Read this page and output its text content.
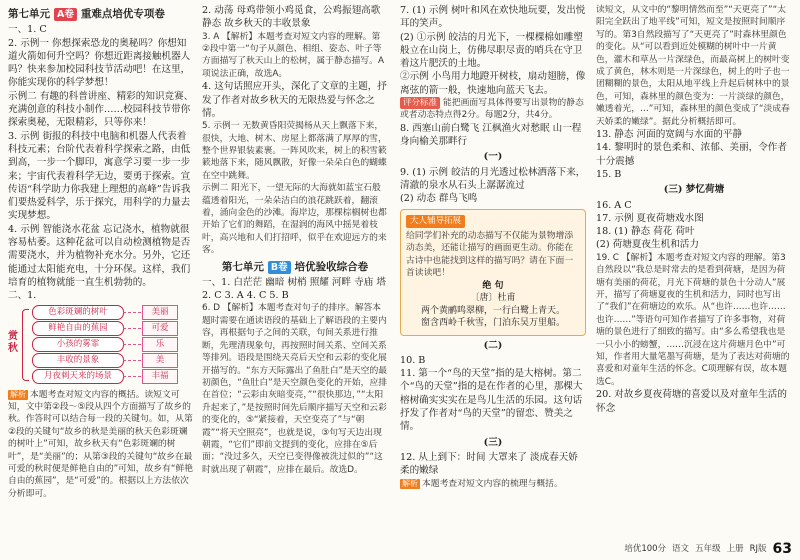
第七单元 A卷 重难点培优专项卷

一、1. C

2. 示例一 你想探索恐龙的奥秘吗？你想知道火箭如何升空吗？你想近距离接触机器人吗？快来参加校园科技节活动吧！在这里，你能实现你的科学梦想！

示例二 有趣的科普讲座、精彩的知识竞赛、充满创意的科技小制作……校园科技节带你探索奥秘，无限精彩，只等你来！

3. 示例 街报的科技中电脑和机器人代表着科技元素；台阶代表着科学探索之路，由低到高，一步一个脚印，寓意学习要一步一步来；宇宙代表着科学无边，要勇于探索。宣传语“科学助力你我建上理想的高峰”告诉我们要热爱科学，乐于探究，用科学的力量去实现梦想。

4. 示例 智能浇水花盆 忘记浇水，植物就很容易枯萎。这种花盆可以自动检测植物是否需要浇水，并为植物补充水分。另外，它还能通过太阳能充电，十分环保。这样，我们培育的植物就能一直生机勃勃的。

二、1.

赏 秋
色彩斑斓的树叶
鲜艳自由的蕉园
小孩的雾霏
丰收的景象
月夜刺天来的场景
美丽
可爱
乐
美
丰福

解析 本题考查对短文内容的概括。读短文可知，文中第②段～⑤段从四个方面描写了故乡的秋。作答时可以结合每一段的关键句。如，从第②段的关键句“故乡的秋是美丽的秋天色彩斑斓的树叶上”可知，故乡秋天有“色彩斑斓的树叶”，是“美丽”的；从第③段的关键句“故乡在最可爱的秋时便是鲜艳自由的”可知，故乡有“鲜艳自由的蕉园”，是“可爱”的。根据以上方法依次分析即可。

2. 动荡 母鸡带领小鸡觅食，公鸡振翅高歌

静态 故乡秋天的丰收景象

3. A 【解析】本题考查对短文内容的理解。第②段中第一“句子从颜色、相组、姿态、叶子等方面描写了秋天山上的松树，属于静态描写。A项说法正确，故选A。

4. 这句话照应开头，深化了文章的主题，抒发了作者对故乡秋天的无限热爱与怀念之情。

5. 示例一 无数黄昏阳荧揭杨从天上飘落下来，很快，大地、树木、房屋上都落满了厚厚的雪，整个世界银装素裹。一阵风吹来，树上的积雪簌簌地落下来，随风飘散，好像一朵朵白色的蝴蝶在空中跳舞。

示例二 阳光下，一望无际的大海就如蓝宝石般蕴透着阳光，一朵朵洁白的浪花跳跃着，翻滚着，涌向金色的沙滩。海岸边，那棵棕榈树也都开始了它们的舞蹈，在湿润的海风中摇晃着枝叶，高兴地和人们打招呼，似乎在欢迎远方的来客。

第七单元 B卷 培优验收综合卷

一、1. 白茫茫 幽暗 树梢 照耀 河畔 寺庙 塔

2. C 3. A 4. C 5. B

6. D 【解析】本题考查对句子的排序。解答本题时需要在通读语段的基础上了解语段的主要内容，再根据句子之间的关联，句间关系进行推断，先理清现象句，再按照时间关系、空间关系等排列。语段是围绕天亮后天空和云彩的变化展开描写的。“东方天际露出了鱼肚白”是天空的最初颜色，“鱼肚白”是天空颜色变化的开始，应排在首位；“云彩由灰暗变亮，”“很快那边，”“太阳升起来了，”是按照时间先后顺序描写天空和云彩的变化的，⑤“紧接着，天空变亮了”与“朝霞”“将天空照亮”，也就是说，③句写天边出现朝霞，“它们”即前文提到的变化，应排在⑤后面；“没过多久，天空已变得像被洗过似的”“这时就出现了朝霞”，应排在最后。故选D。

7. (1) 示例 树叶和风在欢快地玩要，发出悦耳的笑声。

(2) ①示例 皎洁的月光下，一棵棵棉如雕塑般立在山岗上，仿佛尽职尽责的哨兵在守卫着这片肥沃的土地。

②示例 小鸟用力地蹬开树枝，扇动翅膀，像离弦的箭一般，快速地向蓝天飞去。

评分标准 能把画面写具体得要写出景物的静态或者动态特点得2分。每题2分，共4分。

8. 西塞山前白鹭飞 江枫渔火对愁眠 山一程 身向榆关那畔行

(一)

9. (1) 示例 皎洁的月光透过松林洒落下来，清澈的泉水从石头上潺潺流过

(2) 动态 群鸟飞鸣

大人辅导拓展

给同学们补充的动态描写不仅能为景物增添动态美，还能让描写的画面更生动。你能在古诗中也能找到这样的描写吗？请在下面一首读读吧！

绝 句

〔唐〕杜甫

两个黄鹂鸣翠柳，一行白鹭上青天。

窗含西岭千秋雪，门泊东吴万里船。

(二)

10. B

11. 第一个“鸟的天堂”指的是大榕树。第二个“鸟的天堂”指的是在作者的心里，那棵大榕树确实实实在是鸟儿生活的乐园。这句话抒发了作者对“鸟的天堂”的留恋、赞美之情。

(三)

12. 从上到下：时间 大罩来了 淡成春天娇柔的嫩绿

解析 本题考查对短文内容的梳理与概括。

读短文，从文中的“黎明情然而至”“天更亮了”“太阳完全跃出了地平线”可知，短文是按照时间顺序写的。第3自然段描写了“天更亮了”时森林里颜色的变化。从“可以看到近处模糊的树叶中一片黄色，灌木和草丛一片深绿色，而最高树上的树叶变成了黄色，林木则是一片深绿色，树上的叶子也一团糊糊的景色，太阳从地平线上升起后树林中的景色，可知，森林里的颜色变为：一片淡绿的颜色，嫩透着光，…”可知，森林里的颜色变成了“淡成春天娇柔的嫩绿”。据此分析概括即可。

13. 静态 河面的宽阔与水面的平静

14. 黎明时的景色柔和、浓郁、美丽，令作者十分震撼

15. B

(三) 梦忆荷塘

16. A C

17. 示例 夏夜荷塘戏水图

18. (1) 静态 荷花 荷叶

(2) 荷塘夏夜生机和活力

19. C 【解析】本题考查对短文内容的理解。第3自然段以“我总是时常去的是看到荷塘，是因为荷塘有美丽的荷花，月光下荷塘的景色十分动人”展开，描写了荷塘夏夜的生机和活力，同时也写出了“我们”在荷塘边的欢乐。从“也许……也许……也许……”等语句可知作者描写了许多事物，对荷塘的景色进行了细致的描写。由“多么希望我也是一只小小的螃蟹，……沉浸在这片荷塘月色中”可知，作者用大量笔墨写荷塘，是为了表达对荷塘的喜爱和对童年生活的怀念。C项理解有误，故本题选C。

20. 对故乡夏夜荷塘的喜爱以及对童年生活的怀念

培优100分 语文 五年级 上册 RJ版 63
